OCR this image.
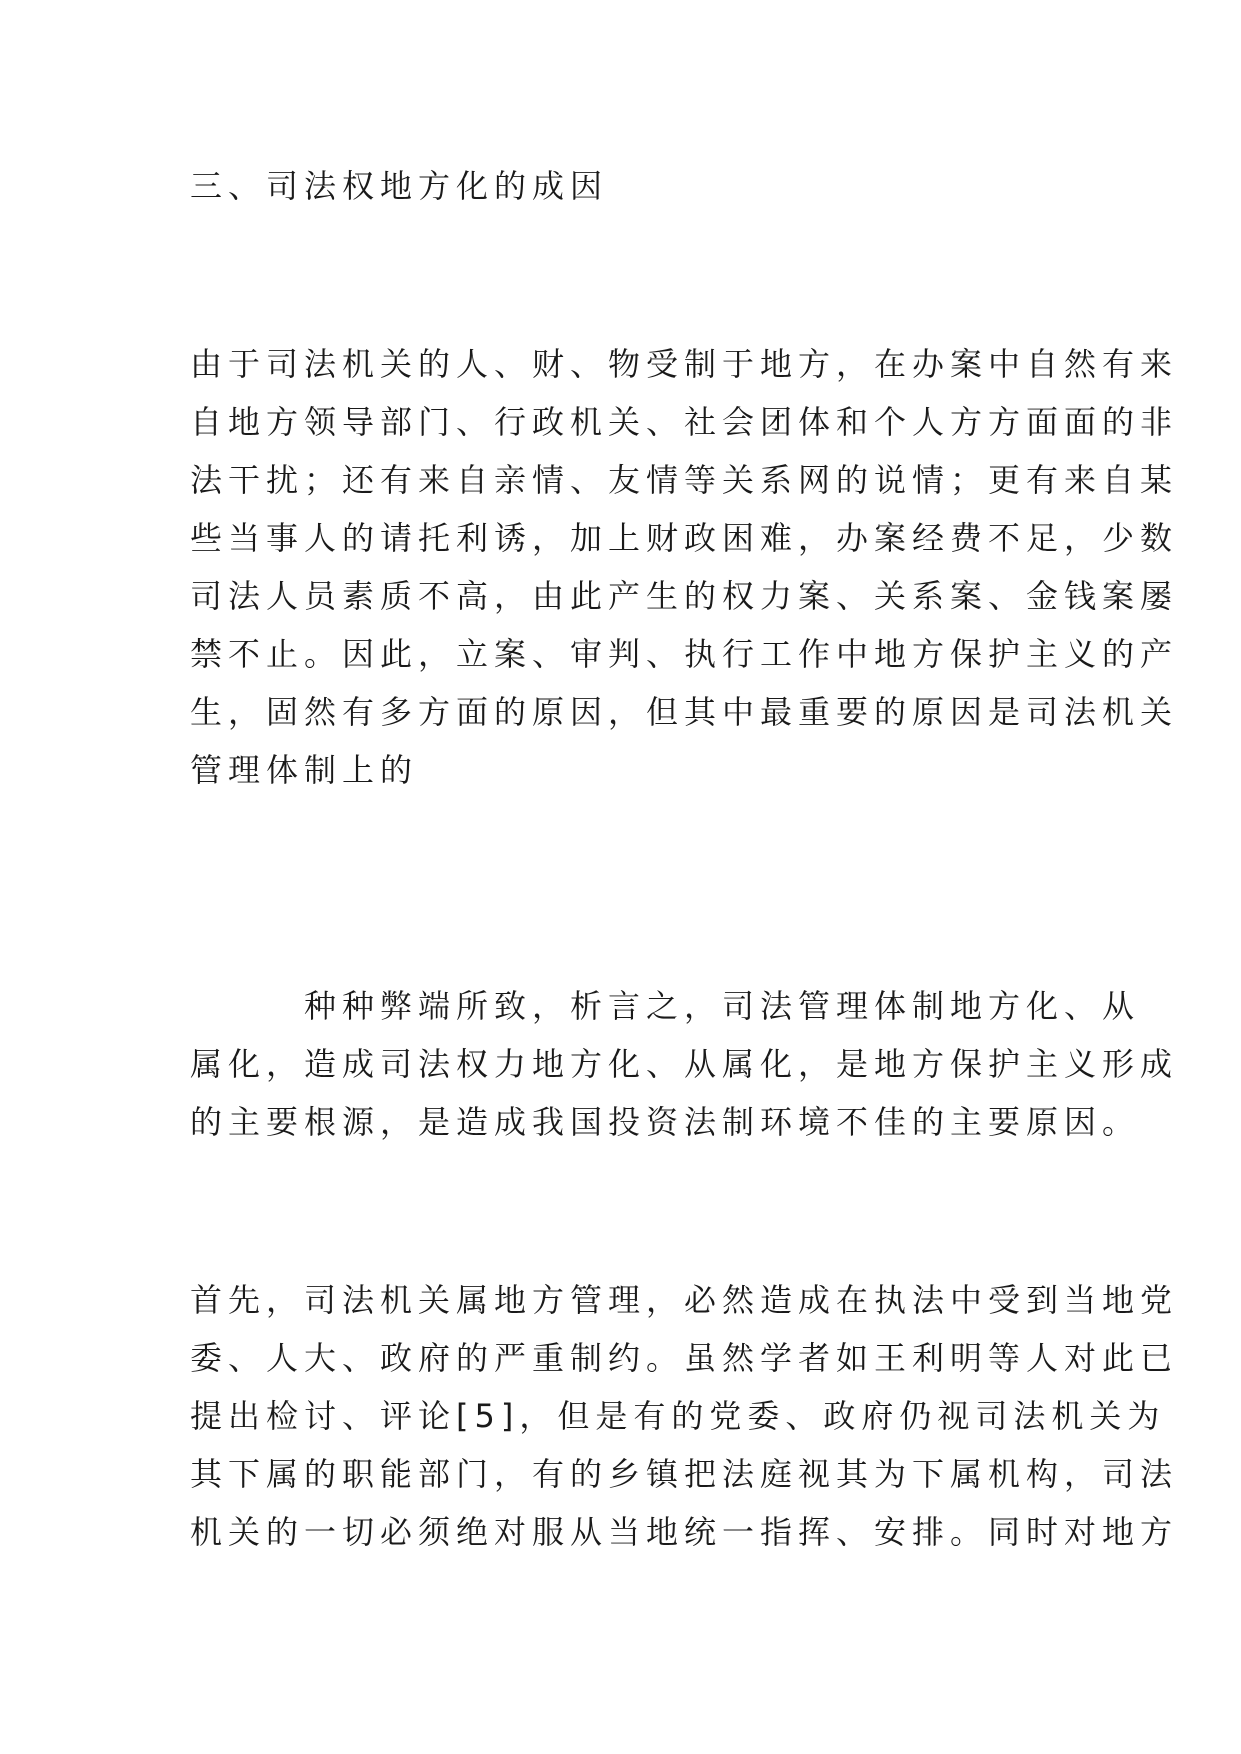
三、司法权地方化的成因
由于司法机关的人、财、物受制于地方，在办案中自然有来
自地方领导部门、行政机关、社会团体和个人方方面面的非
法干扰；还有来自亲情、友情等关系网的说情；更有来自某
些当事人的请托利诱，加上财政困难，办案经费不足，少数
司法人员素质不高，由此产生的权力案、关系案、金钱案屡
禁不止。因此，立案、审判、执行工作中地方保护主义的产
生，固然有多方面的原因，但其中最重要的原因是司法机关
管理体制上的
种种弊端所致，析言之，司法管理体制地方化、从
属化，造成司法权力地方化、从属化，是地方保护主义形成
的主要根源，是造成我国投资法制环境不佳的主要原因。
首先，司法机关属地方管理，必然造成在执法中受到当地党
委、人大、政府的严重制约。虽然学者如王利明等人对此已
提出检讨、评论[5]，但是有的党委、政府仍视司法机关为
其下属的职能部门，有的乡镇把法庭视其为下属机构，司法
机关的一切必须绝对服从当地统一指挥、安排。同时对地方
